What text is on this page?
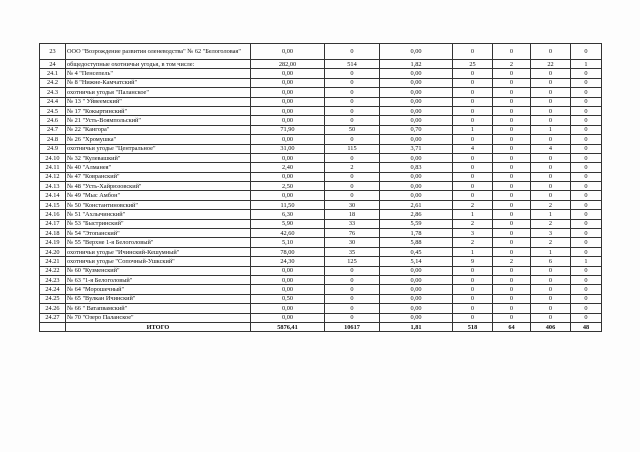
23	ООО "Возрождение развития оленеводства" № 62 "Белоголовая"	0,00	0	0,00	0	0	0	0
24	общедоступные охотничьи угодья, в том числе:	282,00	514	1,82	25	2	22	1
24.1	№ 4 "Пенсепель"	0,00	0	0,00	0	0	0	0
24.2	№ 8 "Нижне-Камчатский"	0,00	0	0,00	0	0	0	0
24.3	охотничьи угодья "Паланское"	0,00	0	0,00	0	0	0	0
24.4	№ 13 " Уйвеемский"	0,00	0	0,00	0	0	0	0
24.5	№ 17 "Кокыртинский"	0,00	0	0,00	0	0	0	0
24.6	№ 21 "Усть-Воямпольский"	0,00	0	0,00	0	0	0	0
24.7	№ 22 "Кангора"	71,90	50	0,70	1	0	1	0
24.8	№ 26 "Хромушка"	0,00	0	0,00	0	0	0	0
24.9	охотничьи угодье "Центральное"	31,00	115	3,71	4	0	4	0
24.10	№ 32 "Кулевашкий"	0,00	0	0,00	0	0	0	0
24.11	№ 40 "Алманея"	2,40	2	0,83	0	0	0	0
24.12	№ 47 "Ковранский"	0,00	0	0,00	0	0	0	0
24.13	№ 48 "Усть-Хайрюзовский"	2,50	0	0,00	0	0	0	0
24.14	№ 49 "Мыс Амбон"	0,00	0	0,00	0	0	0	0
24.15	№ 50 "Константиновский"	11,50	30	2,61	2	0	2	0
24.16	№ 51 "Ахлычинский"	6,30	18	2,86	1	0	1	0
24.17	№ 53 "Быстринский"	5,90	33	5,59	2	0	2	0
24.18	№ 54 "Этопанский"	42,60	76	1,78	3	0	3	0
24.19	№ 55 "Верхне 1-я Белоголовый"	5,10	30	5,88	2	0	2	0
24.20	охотничьи угодье "Ичинский-Кешумный"	78,00	35	0,45	1	0	1	0
24.21	охотничьи угодье "Сопочный-Ушкский"	24,30	125	5,14	9	2	6	1
24.22	№ 60 "Кузменский"	0,00	0	0,00	0	0	0	0
24.23	№ 63 "1-я Белоголовый"	0,00	0	0,00	0	0	0	0
24.24	№ 64 "Морошечный"	0,00	0	0,00	0	0	0	0
24.25	№ 65 "Вулкан Ичинский"	0,50	0	0,00	0	0	0	0
24.26	№ 66 " Ватапвамский"	0,00	0	0,00	0	0	0	0
24.27	№ 70 "Озеро Паланское"	0,00	0	0,00	0	0	0	0
	ИТОГО	5876,41	10617	1,81	518	64	406	48
